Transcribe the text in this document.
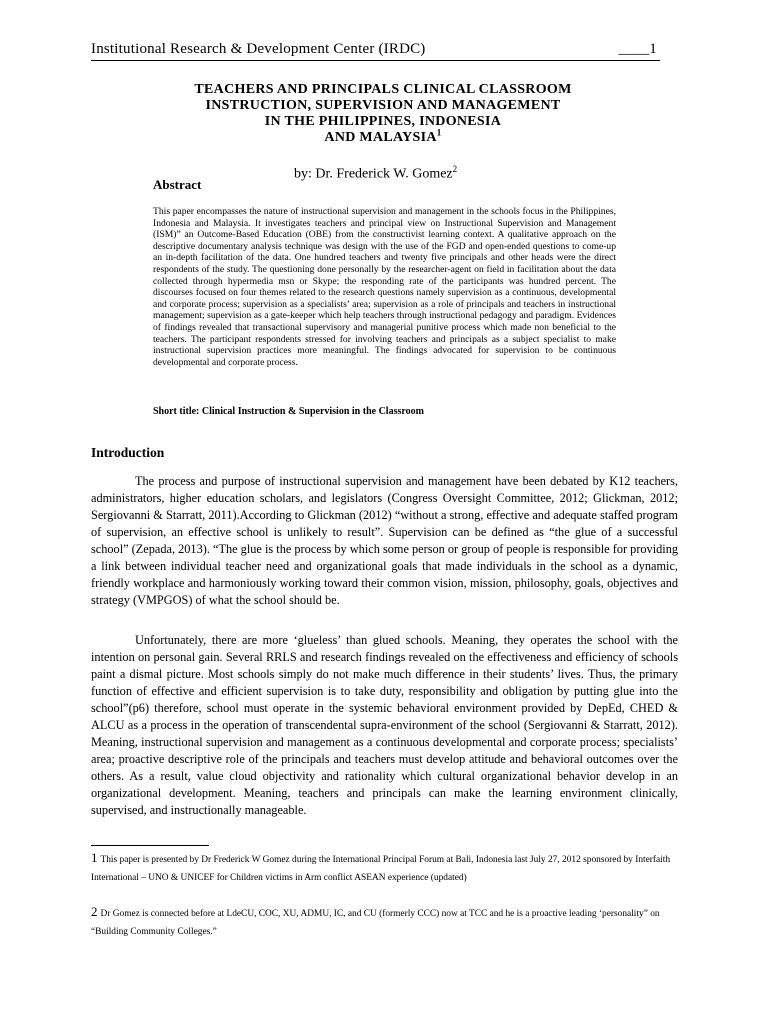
Institutional Research & Development Center (IRDC)	____1
TEACHERS AND PRINCIPALS CLINICAL CLASSROOM
INSTRUCTION, SUPERVISION AND MANAGEMENT
IN THE PHILIPPINES, INDONESIA
AND MALAYSIA$^1$
by: Dr. Frederick W. Gomez$^2$
Abstract
This paper encompasses the nature of instructional supervision and management in the schools focus in the Philippines, Indonesia and Malaysia. It investigates teachers and principal view on Instructional Supervision and Management (ISM)” an Outcome-Based Education (OBE) from the constructivist learning context. A qualitative approach on the descriptive documentary analysis technique was design with the use of the FGD and open-ended questions to come-up an in-depth facilitation of the data. One hundred teachers and twenty five principals and other heads were the direct respondents of the study. The questioning done personally by the researcher-agent on field in facilitation about the data collected through hypermedia msn or Skype; the responding rate of the participants was hundred percent. The discourses focused on four themes related to the research questions namely supervision as a continuous, developmental and corporate process; supervision as a specialists’ area; supervision as a role of principals and teachers in instructional management; supervision as a gate-keeper which help teachers through instructional pedagogy and paradigm. Evidences of findings revealed that transactional supervisory and managerial punitive process which made non beneficial to the teachers. The participant respondents stressed for involving teachers and principals as a subject specialist to make instructional supervision practices more meaningful. The findings advocated for supervision to be continuous developmental and corporate process.
Short title: Clinical Instruction & Supervision in the Classroom
Introduction

The process and purpose of instructional supervision and management have been debated by K12 teachers, administrators, higher education scholars, and legislators (Congress Oversight Committee, 2012; Glickman, 2012; Sergiovanni & Starratt, 2011).According to Glickman (2012) “without a strong, effective and adequate staffed program of supervision, an effective school is unlikely to result”. Supervision can be defined as “the glue of a successful school” (Zepada, 2013). “The glue is the process by which some person or group of people is responsible for providing a link between individual teacher need and organizational goals that made individuals in the school as a dynamic, friendly workplace and harmoniously working toward their common vision, mission, philosophy, goals, objectives and strategy (VMPGOS) of what the school should be.

Unfortunately, there are more ‘glueless’ than glued schools. Meaning, they operates the school with the intention on personal gain. Several RRLS and research findings revealed on the effectiveness and efficiency of schools paint a dismal picture. Most schools simply do not make much difference in their students’ lives. Thus, the primary function of effective and efficient supervision is to take duty, responsibility and obligation by putting glue into the school”(p6) therefore, school must operate in the systemic behavioral environment provided by DepEd, CHED & ALCU as a process in the operation of transcendental supra-environment of the school (Sergiovanni & Starratt, 2012). Meaning, instructional supervision and management as a continuous developmental and corporate process; specialists’ area; proactive descriptive role of the principals and teachers must develop attitude and behavioral outcomes over the others. As a result, value cloud objectivity and rationality which cultural organizational behavior develop in an organizational development. Meaning, teachers and principals can make the learning environment clinically, supervised, and instructionally manageable.

1 This paper is presented by Dr Frederick W Gomez during the International Principal Forum at Bali, Indonesia last July 27, 2012 sponsored by Interfaith International – UNO & UNICEF for Children victims in Arm conflict ASEAN experience (updated)
2 Dr Gomez is connected before at LdeCU, COC, XU, ADMU, IC, and CU (formerly CCC) now at TCC and he is a proactive leading ‘personality” on “Building Community Colleges.”
